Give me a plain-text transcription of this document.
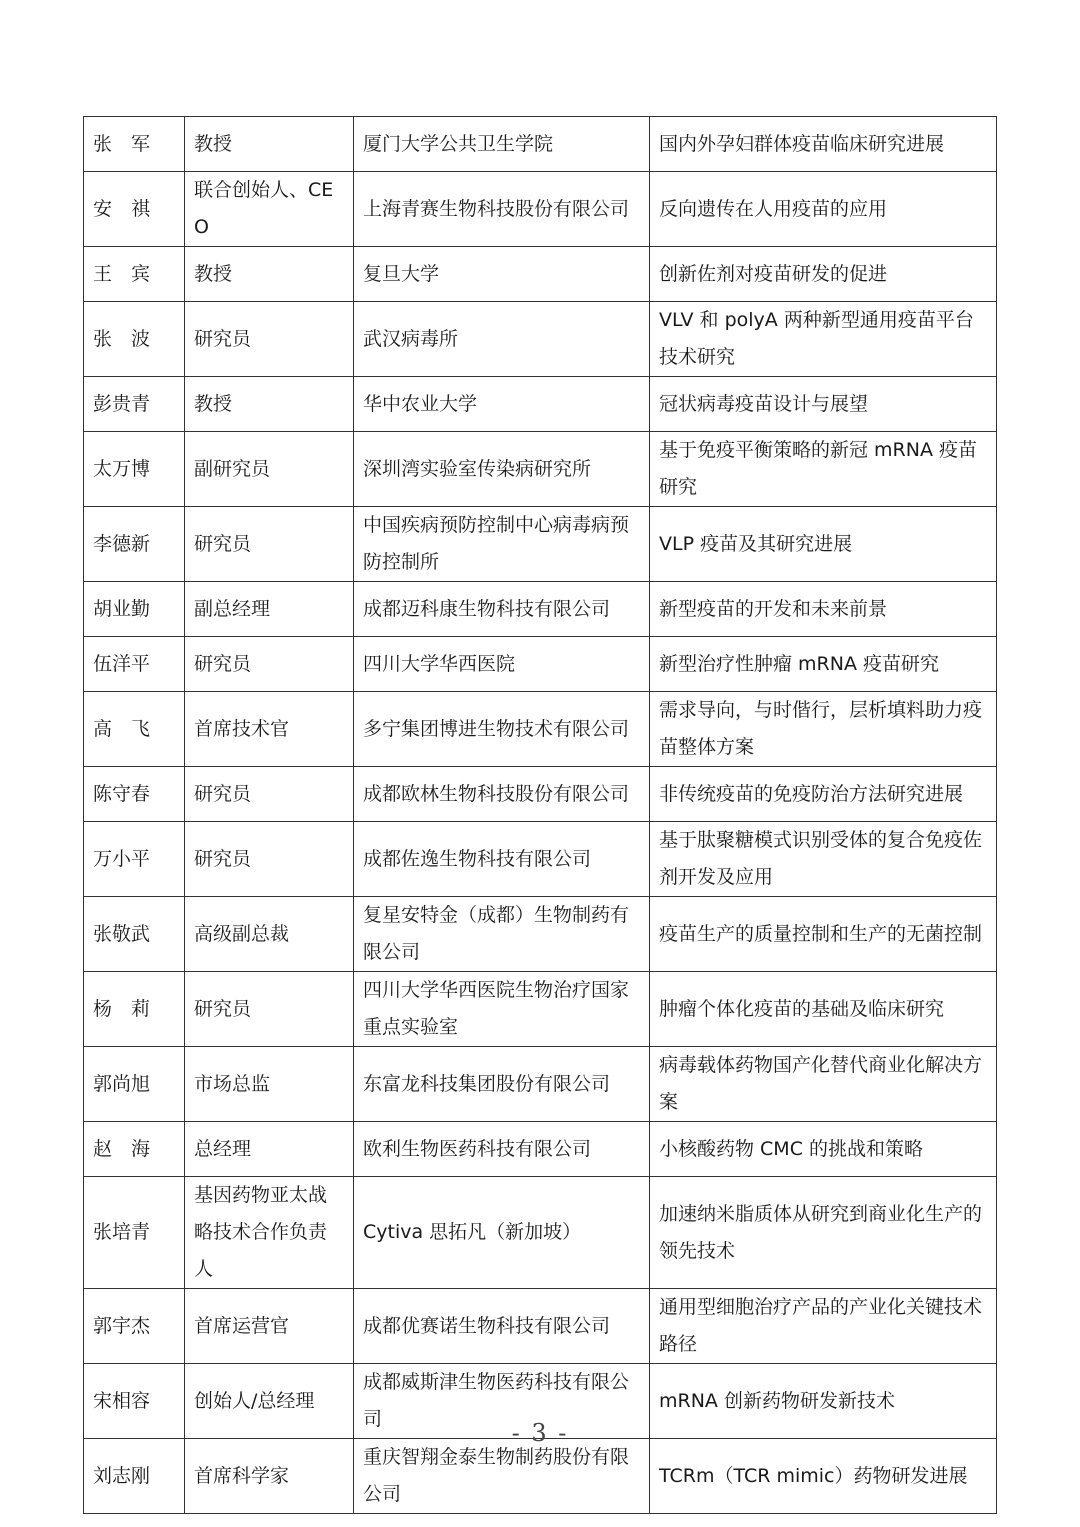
张　军	教授	厦门大学公共卫生学院	国内外孕妇群体疫苗临床研究进展
安　祺	联合创始人、CEO	上海青赛生物科技股份有限公司	反向遗传在人用疫苗的应用
王　宾	教授	复旦大学	创新佐剂对疫苗研发的促进
张　波	研究员	武汉病毒所	VLV 和 polyA 两种新型通用疫苗平台技术研究
彭贵青	教授	华中农业大学	冠状病毒疫苗设计与展望
太万博	副研究员	深圳湾实验室传染病研究所	基于免疫平衡策略的新冠 mRNA 疫苗研究
李德新	研究员	中国疾病预防控制中心病毒病预防控制所	VLP 疫苗及其研究进展
胡业勤	副总经理	成都迈科康生物科技有限公司	新型疫苗的开发和未来前景
伍洋平	研究员	四川大学华西医院	新型治疗性肿瘤 mRNA 疫苗研究
高　飞	首席技术官	多宁集团博进生物技术有限公司	需求导向，与时偕行，层析填料助力疫苗整体方案
陈守春	研究员	成都欧林生物科技股份有限公司	非传统疫苗的免疫防治方法研究进展
万小平	研究员	成都佐逸生物科技有限公司	基于肽聚糖模式识别受体的复合免疫佐剂开发及应用
张敬武	高级副总裁	复星安特金（成都）生物制药有限公司	疫苗生产的质量控制和生产的无菌控制
杨　莉	研究员	四川大学华西医院生物治疗国家重点实验室	肿瘤个体化疫苗的基础及临床研究
郭尚旭	市场总监	东富龙科技集团股份有限公司	病毒载体药物国产化替代商业化解决方案
赵　海	总经理	欧利生物医药科技有限公司	小核酸药物 CMC 的挑战和策略
张培青	基因药物亚太战略技术合作负责人	Cytiva 思拓凡（新加坡）	加速纳米脂质体从研究到商业化生产的领先技术
郭宇杰	首席运营官	成都优赛诺生物科技有限公司	通用型细胞治疗产品的产业化关键技术路径
宋相容	创始人/总经理	成都威斯津生物医药科技有限公司	mRNA 创新药物研发新技术
刘志刚	首席科学家	重庆智翔金泰生物制药股份有限公司	TCRm（TCR mimic）药物研发进展
- 3 -
